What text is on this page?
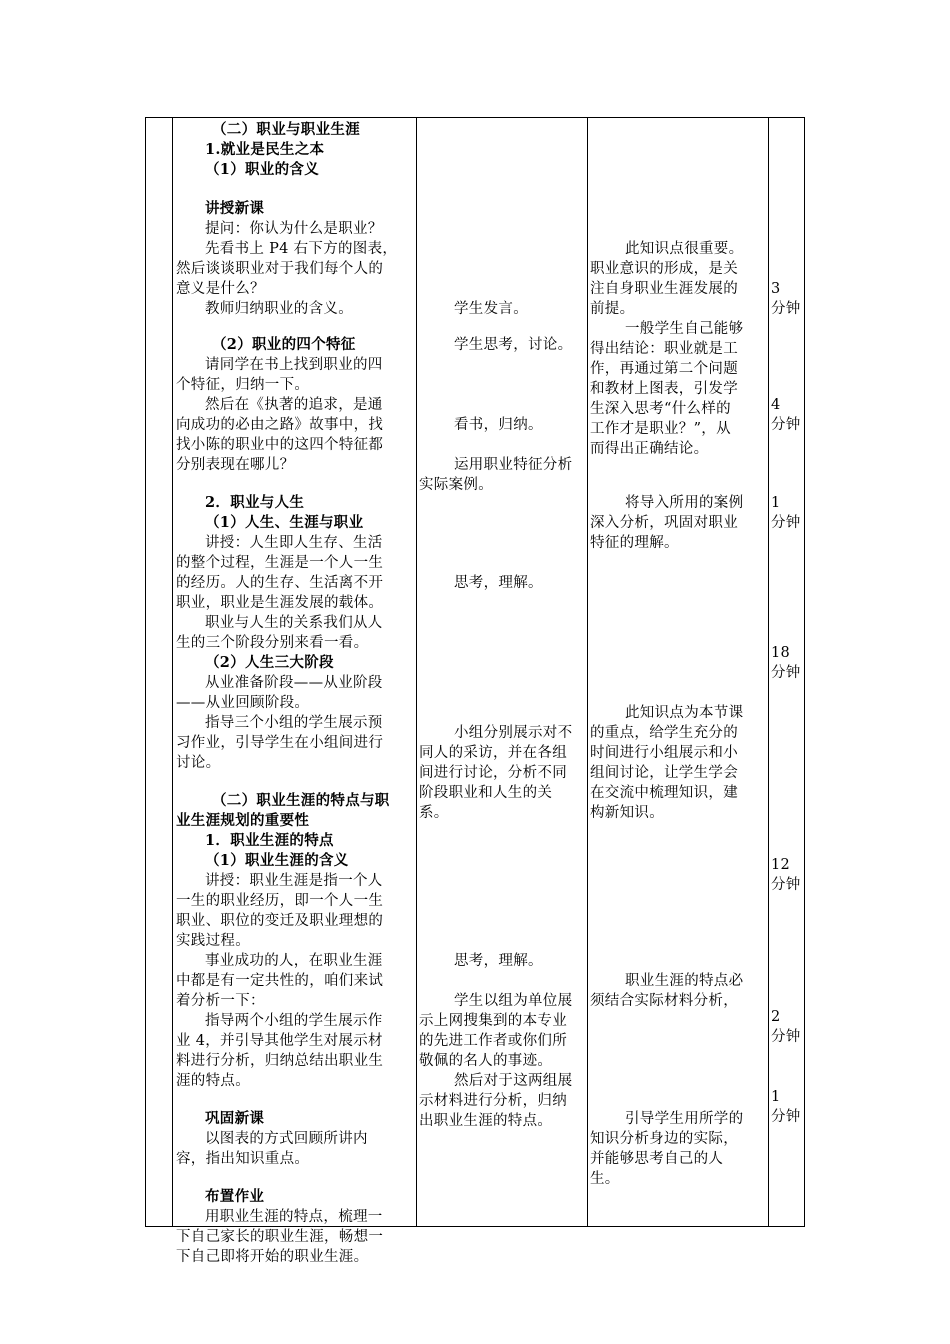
（二）职业与职业生涯
1.就业是民生之本
（1）职业的含义
讲授新课
提问：你认为什么是职业？
先看书上 P4 右下方的图表，
然后谈谈职业对于我们每个人的
意义是什么？
教师归纳职业的含义。
（2）职业的四个特征
请同学在书上找到职业的四
个特征，归纳一下。
然后在《执著的追求，是通
向成功的必由之路》故事中，找
找小陈的职业中的这四个特征都
分别表现在哪儿？
2．职业与人生
（1）人生、生涯与职业
讲授：人生即人生存、生活
的整个过程，生涯是一个人一生
的经历。人的生存、生活离不开
职业，职业是生涯发展的载体。
职业与人生的关系我们从人
生的三个阶段分别来看一看。
（2）人生三大阶段
从业准备阶段——从业阶段
——从业回顾阶段。
指导三个小组的学生展示预
习作业，引导学生在小组间进行
讨论。
（二）职业生涯的特点与职
业生涯规划的重要性
1．职业生涯的特点
（1）职业生涯的含义
讲授：职业生涯是指一个人
一生的职业经历，即一个人一生
职业、职位的变迁及职业理想的
实践过程。
事业成功的人，在职业生涯
中都是有一定共性的，咱们来试
着分析一下：
指导两个小组的学生展示作
业 4，并引导其他学生对展示材
料进行分析，归纳总结出职业生
涯的特点。
巩固新课
以图表的方式回顾所讲内
容，指出知识重点。
布置作业
用职业生涯的特点，梳理一
下自己家长的职业生涯，畅想一
下自己即将开始的职业生涯。
学生发言。
学生思考，讨论。
看书，归纳。
运用职业特征分析
实际案例。
思考，理解。
小组分别展示对不
同人的采访，并在各组
间进行讨论，分析不同
阶段职业和人生的关
系。
思考，理解。
学生以组为单位展
示上网搜集到的本专业
的先进工作者或你们所
敬佩的名人的事迹。
然后对于这两组展
示材料进行分析，归纳
出职业生涯的特点。
此知识点很重要。
职业意识的形成，是关
注自身职业生涯发展的
前提。
一般学生自己能够
得出结论：职业就是工
作，再通过第二个问题
和教材上图表，引发学
生深入思考“什么样的
工作才是职业？”，从
而得出正确结论。
将导入所用的案例
深入分析，巩固对职业
特征的理解。
此知识点为本节课
的重点，给学生充分的
时间进行小组展示和小
组间讨论，让学生学会
在交流中梳理知识，建
构新知识。
职业生涯的特点必
须结合实际材料分析，
引导学生用所学的
知识分析身边的实际，
并能够思考自己的人
生。
3
分钟
4
分钟
1
分钟
18
分钟
12
分钟
2
分钟
1
分钟
